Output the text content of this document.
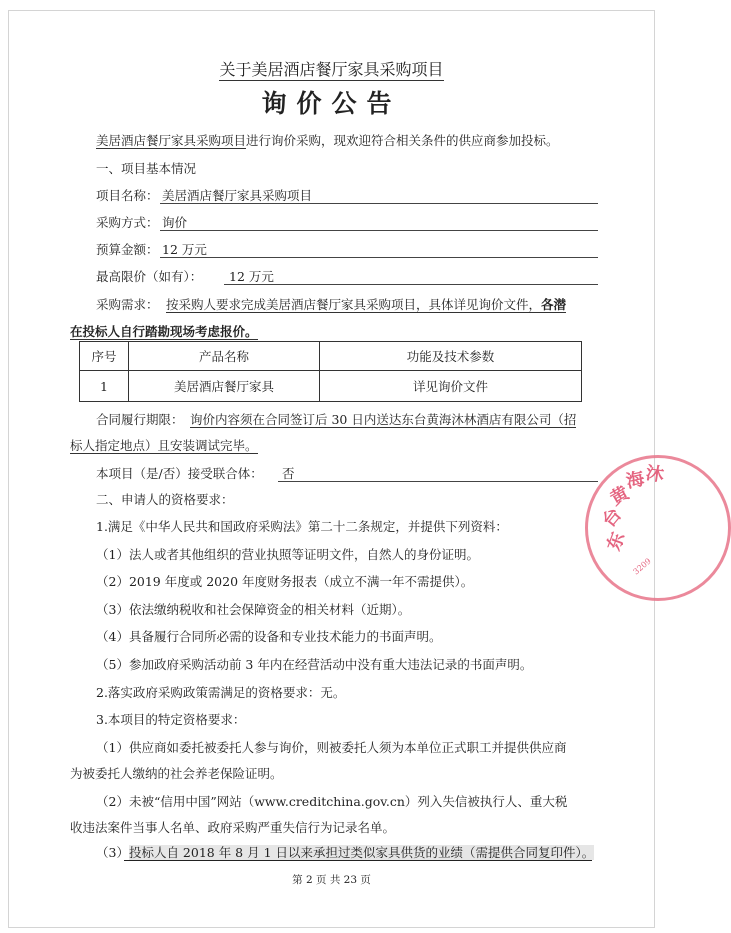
关于美居酒店餐厅家具采购项目
询价公告
美居酒店餐厅家具采购项目进行询价采购，现欢迎符合相关条件的供应商参加投标。
一、项目基本情况
项目名称： 美居酒店餐厅家具采购项目
采购方式： 询价
预算金额： 12 万元
最高限价（如有）： 12 万元
采购需求： 按采购人要求完成美居酒店餐厅家具采购项目，具体详见询价文件，各潜
在投标人自行踏勘现场考虑报价。
序号	产品名称	功能及技术参数
1	美居酒店餐厅家具	详见询价文件
合同履行期限： 询价内容须在合同签订后 30 日内送达东台黄海沐林酒店有限公司（招
标人指定地点）且安装调试完毕。
本项目（是/否）接受联合体： 否
二、申请人的资格要求：
1.满足《中华人民共和国政府采购法》第二十二条规定，并提供下列资料：
（1）法人或者其他组织的营业执照等证明文件，自然人的身份证明。
（2）2019 年度或 2020 年度财务报表（成立不满一年不需提供）。
（3）依法缴纳税收和社会保障资金的相关材料（近期）。
（4）具备履行合同所必需的设备和专业技术能力的书面声明。
（5）参加政府采购活动前 3 年内在经营活动中没有重大违法记录的书面声明。
2.落实政府采购政策需满足的资格要求：无。
3.本项目的特定资格要求：
（1）供应商如委托被委托人参与询价，则被委托人须为本单位正式职工并提供供应商
为被委托人缴纳的社会养老保险证明。
（2）未被“信用中国”网站（www.creditchina.gov.cn）列入失信被执行人、重大税
收违法案件当事人名单、政府采购严重失信行为记录名单。
（3）投标人自 2018 年 8 月 1 日以来承担过类似家具供货的业绩（需提供合同复印件）。
第 2 页 共 23 页
东
台
黄
海
沐
3209
